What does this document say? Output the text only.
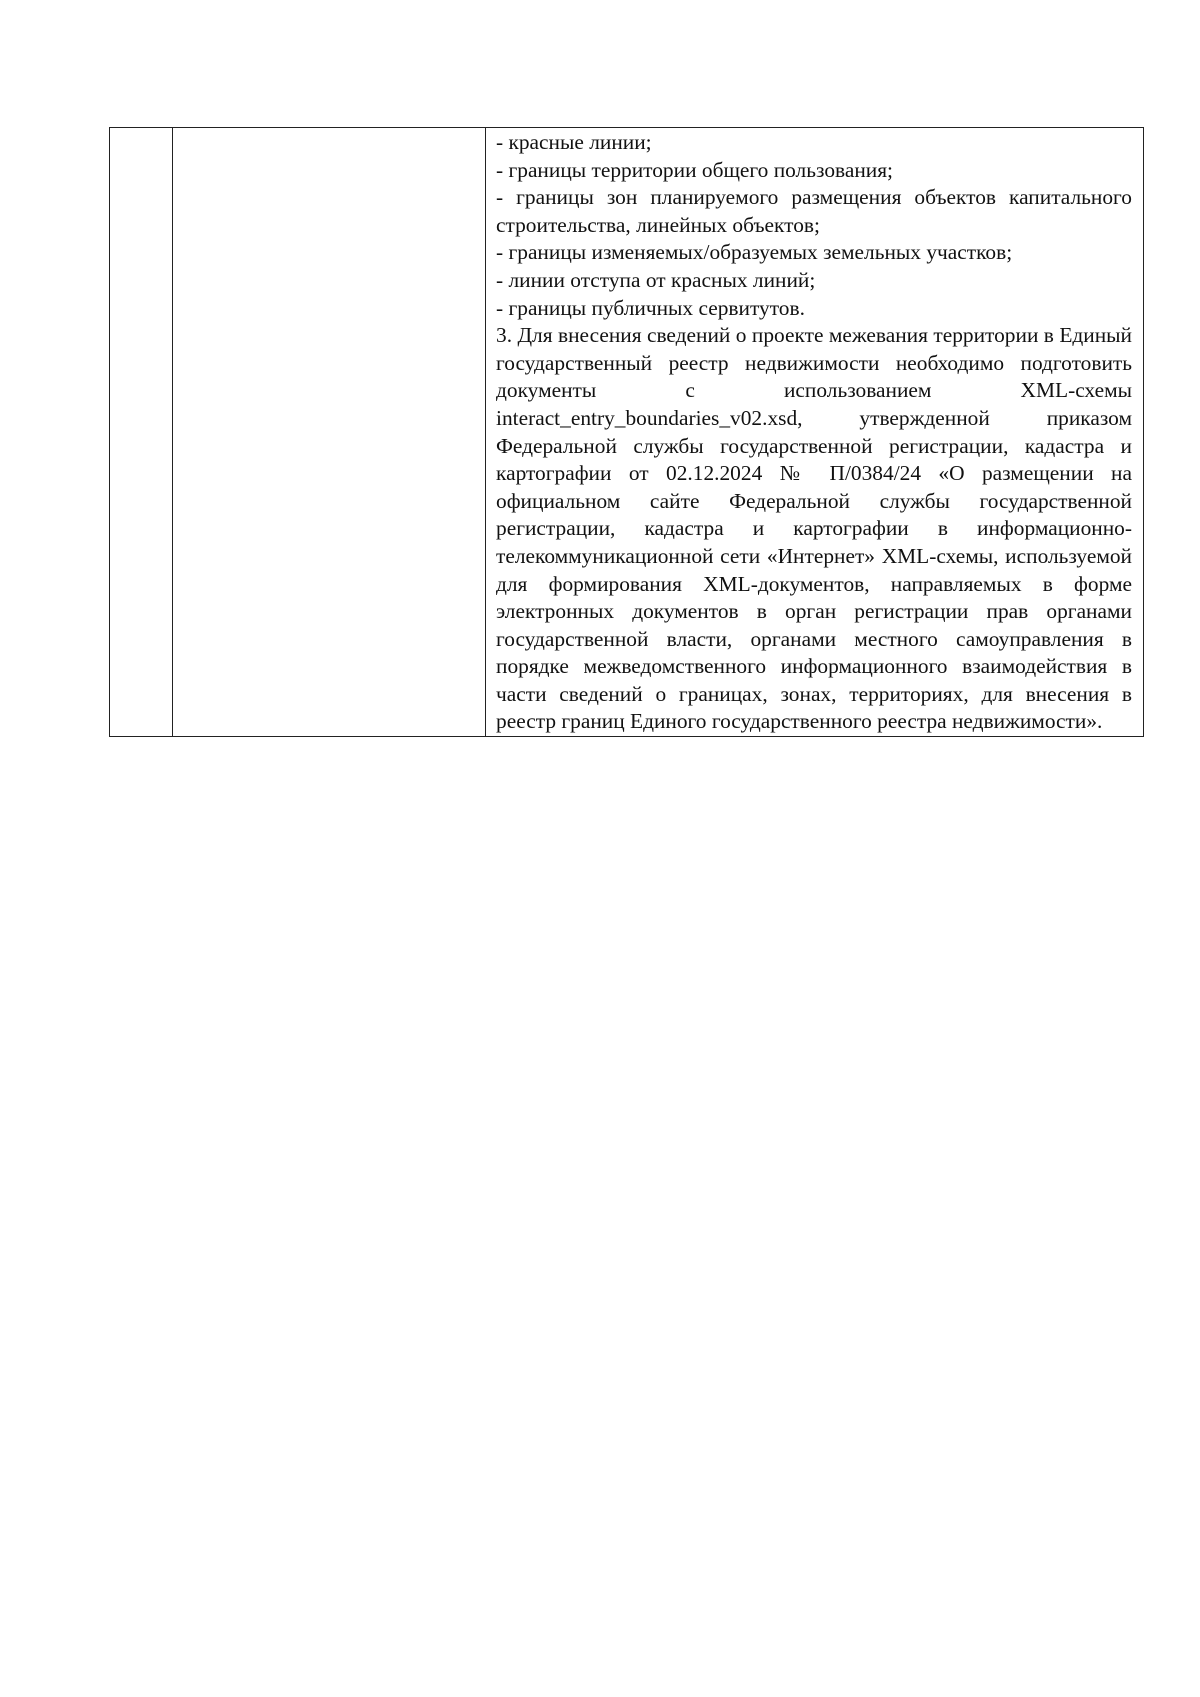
- красные линии;
- границы территории общего пользования;
- границы зон планируемого размещения объектов капитального строительства, линейных объектов;
- границы изменяемых/образуемых земельных участков;
- линии отступа от красных линий;
- границы публичных сервитутов.
3. Для внесения сведений о проекте межевания территории в Единый государственный реестр недвижимости необходимо подготовить документы с использованием XML-схемы interact_entry_boundaries_v02.xsd, утвержденной приказом Федеральной службы государственной регистрации, кадастра и картографии от 02.12.2024 № П/0384/24 «О размещении на официальном сайте Федеральной службы государственной регистрации, кадастра и картографии в информационно-телекоммуникационной сети «Интернет» XML-схемы, используемой для формирования XML-документов, направляемых в форме электронных документов в орган регистрации прав органами государственной власти, органами местного самоуправления в порядке межведомственного информационного взаимодействия в части сведений о границах, зонах, территориях, для внесения в реестр границ Единого государственного реестра недвижимости».
